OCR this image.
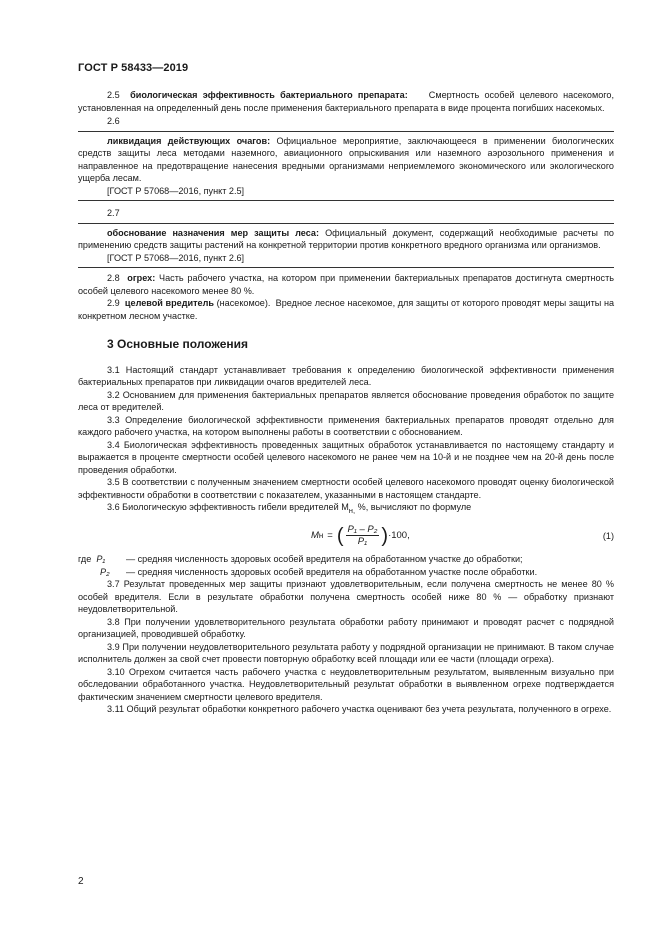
ГОСТ Р 58433—2019

2.5 биологическая эффективность бактериального препарата: Смертность особей целевого насекомого, установленная на определенный день после применения бактериального препарата в виде процента погибших насекомых.

2.6

ликвидация действующих очагов: Официальное мероприятие, заключающееся в применении биологических средств защиты леса методами наземного, авиационного опрыскивания или наземного аэрозольного применения и направленное на предотвращение нанесения вредными организмами неприемлемого экономического или экологического ущерба лесам.

[ГОСТ Р 57068—2016, пункт 2.5]

2.7

обоснование назначения мер защиты леса: Официальный документ, содержащий необходимые расчеты по применению средств защиты растений на конкретной территории против конкретного вредного организма или организмов.

[ГОСТ Р 57068—2016, пункт 2.6]

2.8 огрех: Часть рабочего участка, на котором при применении бактериальных препаратов достигнута смертность особей целевого насекомого менее 80 %.

2.9 целевой вредитель (насекомое). Вредное лесное насекомое, для защиты от которого проводят меры защиты на конкретном лесном участке.

3 Основные положения

3.1 Настоящий стандарт устанавливает требования к определению биологической эффективности применения бактериальных препаратов при ликвидации очагов вредителей леса.

3.2 Основанием для применения бактериальных препаратов является обоснование проведения обработок по защите леса от вредителей.

3.3 Определение биологической эффективности применения бактериальных препаратов проводят отдельно для каждого рабочего участка, на котором выполнены работы в соответствии с обоснованием.

3.4 Биологическая эффективность проведенных защитных обработок устанавливается по настоящему стандарту и выражается в проценте смертности особей целевого насекомого не ранее чем на 10-й и не позднее чем на 20-й день после проведения обработки.

3.5 В соответствии с полученным значением смертности особей целевого насекомого проводят оценку биологической эффективности обработки в соответствии с показателем, указанными в настоящем стандарте.

3.6 Биологическую эффективность гибели вредителей $M_{н,}$ %, вычисляют по формуле

M н = ( $\frac{\text{P₁ – P₂}}{\text{P₁}}$ ) ·100,	(1)
где P₁	— средняя численность здоровых особей вредителя на обработанном участке до обработки;
P₂	— средняя численность здоровых особей вредителя на обработанном участке после обработки.

3.7 Результат проведенных мер защиты признают удовлетворительным, если получена смертность не менее 80 % особей вредителя. Если в результате обработки получена смертность особей ниже 80 % — обработку признают неудовлетворительной.

3.8 При получении удовлетворительного результата обработки работу принимают и проводят расчет с подрядной организацией, проводившей обработку.

3.9 При получении неудовлетворительного результата работу у подрядной организации не принимают. В таком случае исполнитель должен за свой счет провести повторную обработку всей площади или ее части (площади огреха).

3.10 Огрехом считается часть рабочего участка с неудовлетворительным результатом, выявленным визуально при обследовании обработанного участка. Неудовлетворительный результат обработки в выявленном огрехе подтверждается фактическим значением смертности целевого вредителя.

3.11 Общий результат обработки конкретного рабочего участка оценивают без учета результата, полученного в огрехе.

2
